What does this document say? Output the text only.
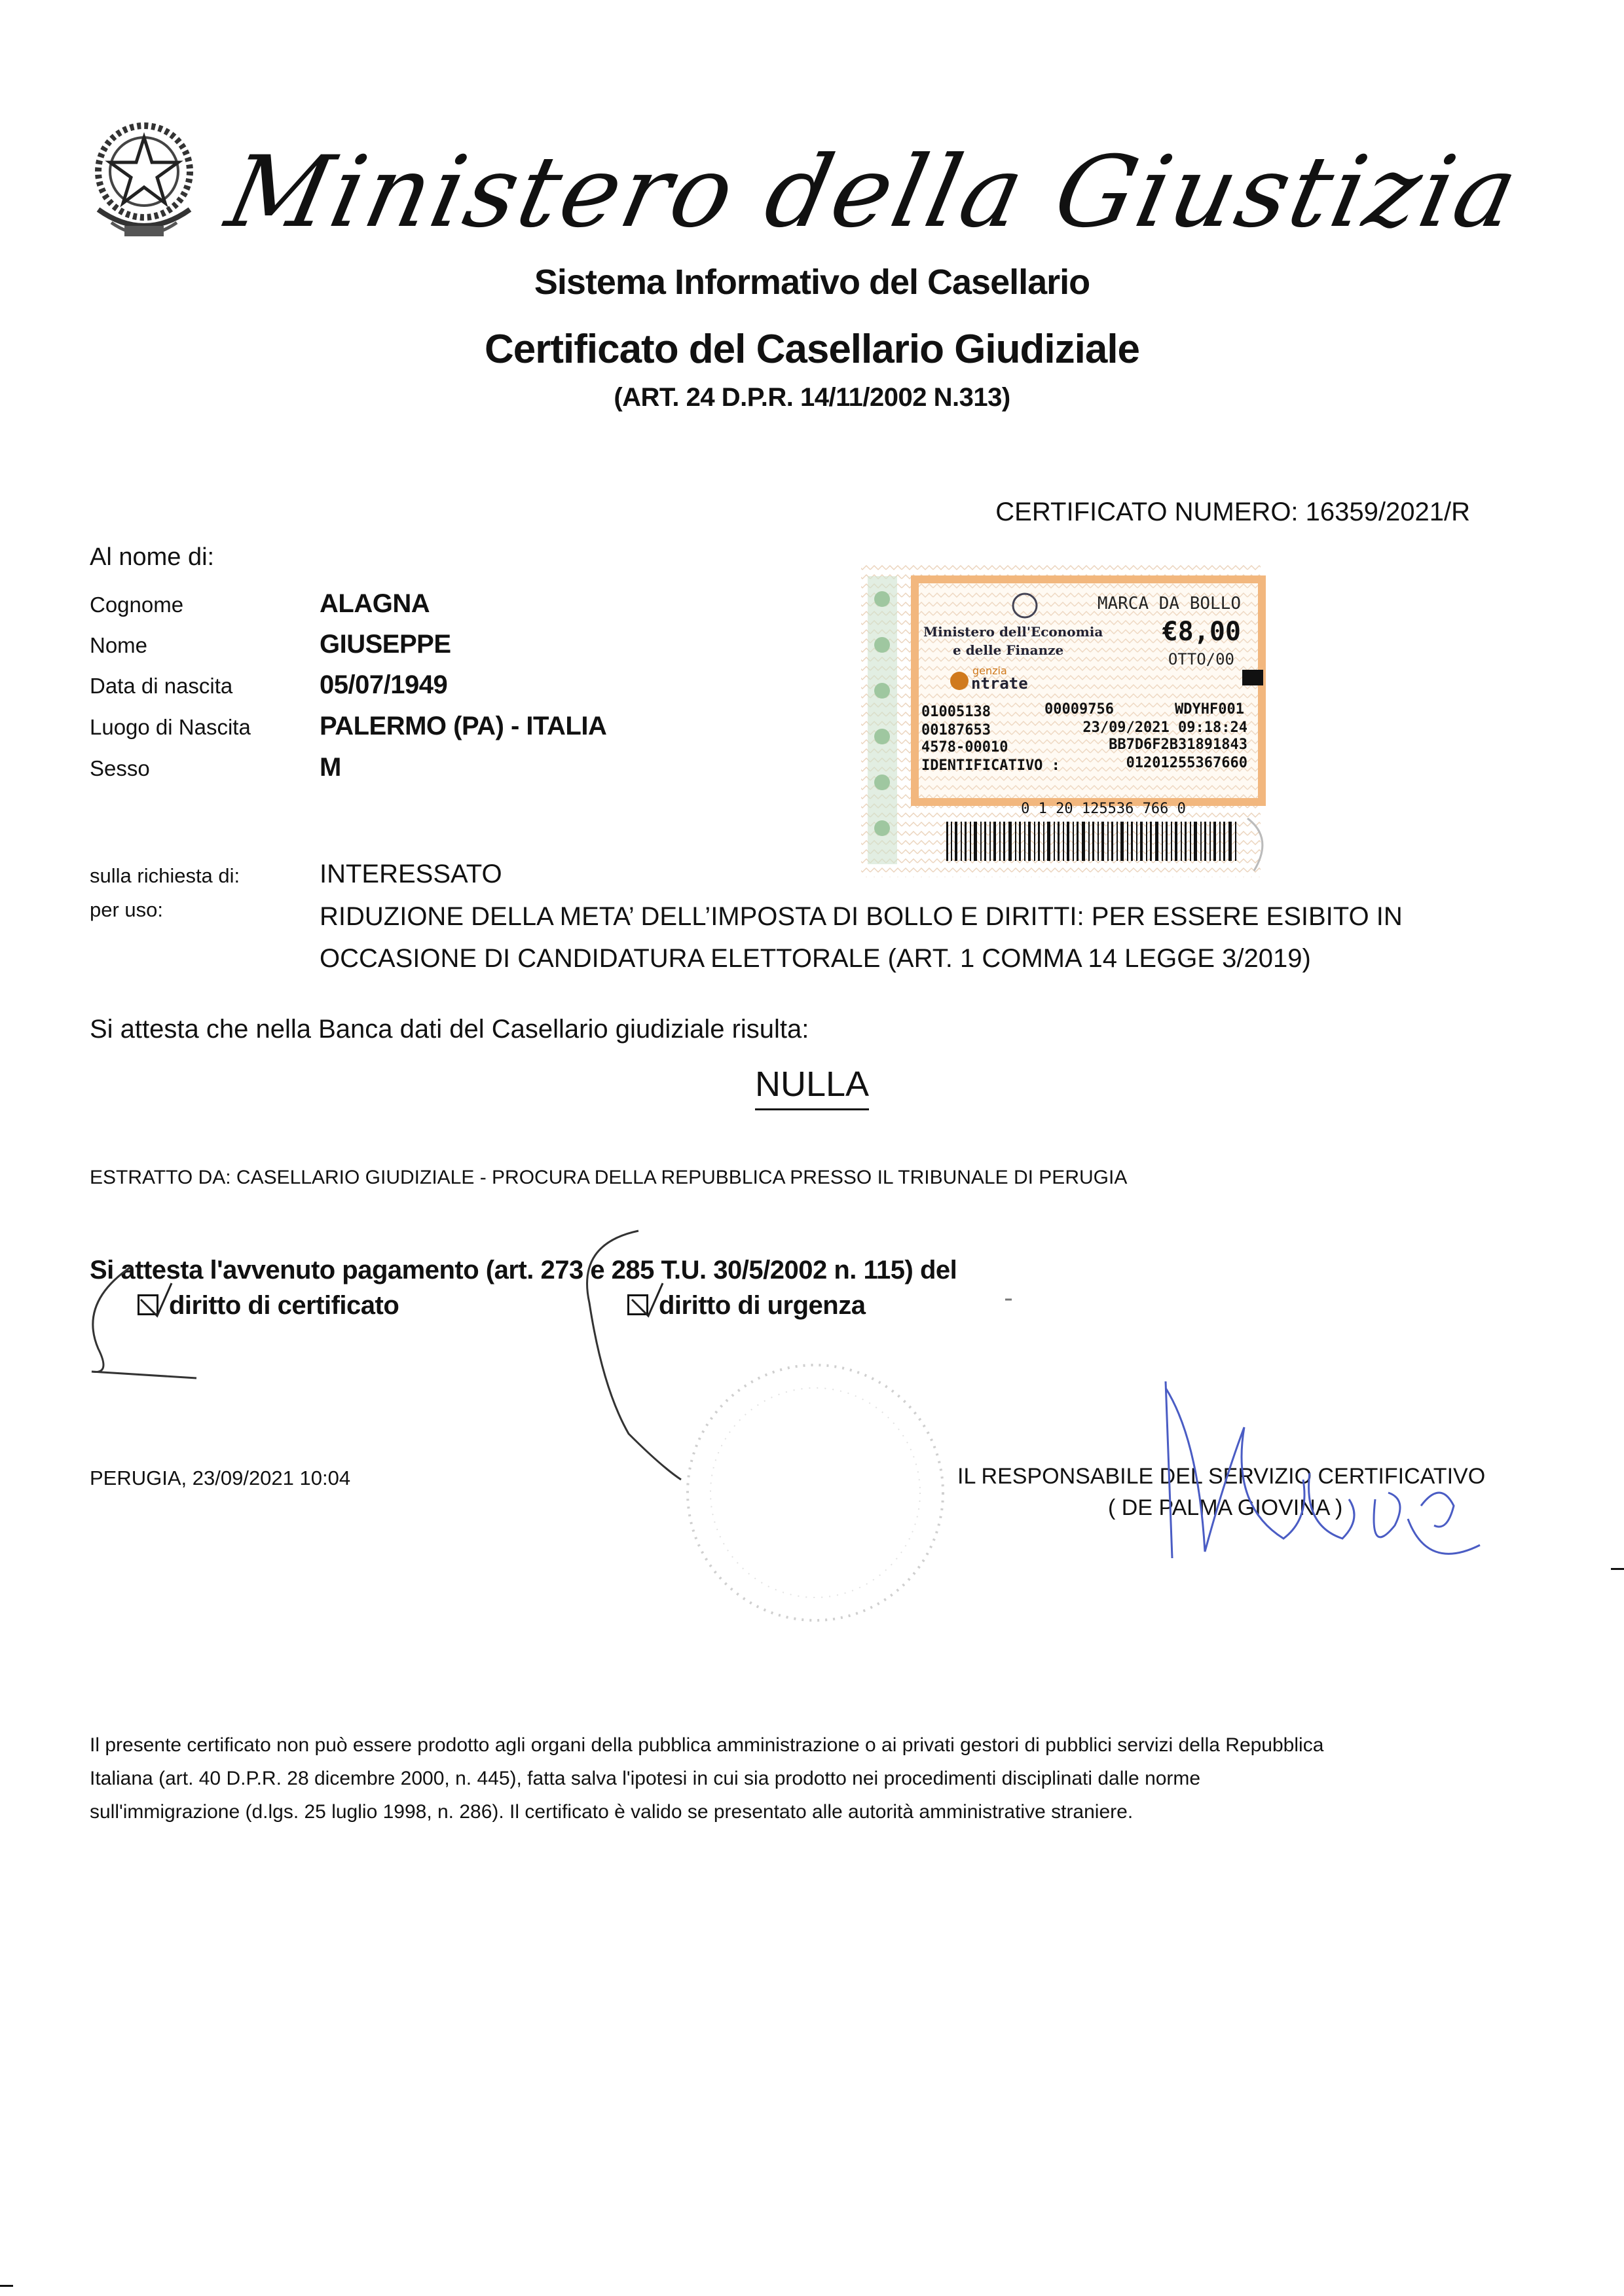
Ministero della Giustizia
Sistema Informativo del Casellario
Certificato del Casellario Giudiziale
(ART. 24 D.P.R. 14/11/2002 N.313)
CERTIFICATO NUMERO: 16359/2021/R
Al nome di:
Cognome	ALAGNA
Nome	GIUSEPPE
Data di nascita	05/07/1949
Luogo di Nascita	PALERMO (PA) - ITALIA
Sesso	M
MARCA DA BOLLO
Ministero dell'Economia
e delle Finanze
€8,00
OTTO/00
genzia
ntrate
01005138	00009756	WDYHF001
00187653	23/09/2021 09:18:24
4578-00010	BB7D6F2B31891843
IDENTIFICATIVO :	01201255367660
0 1 20 125536 766 0
sulla richiesta di:	INTERESSATO
per uso:	RIDUZIONE DELLA META’ DELL’IMPOSTA DI BOLLO E DIRITTI: PER ESSERE ESIBITO IN
OCCASIONE DI CANDIDATURA ELETTORALE (ART. 1 COMMA 14 LEGGE 3/2019)
Si attesta che nella Banca dati del Casellario giudiziale risulta:
NULLA
ESTRATTO DA: CASELLARIO GIUDIZIALE - PROCURA DELLA REPUBBLICA PRESSO IL TRIBUNALE DI PERUGIA
Si attesta l'avvenuto pagamento (art. 273 e 285 T.U. 30/5/2002 n. 115) del
diritto di certificato	diritto di urgenza
PERUGIA, 23/09/2021 10:04	IL RESPONSABILE DEL SERVIZIO CERTIFICATIVO
( DE PALMA GIOVINA )
Il presente certificato non può essere prodotto agli organi della pubblica amministrazione o ai privati gestori di pubblici servizi della Repubblica
Italiana (art. 40 D.P.R. 28 dicembre 2000, n. 445), fatta salva l'ipotesi in cui sia prodotto nei procedimenti disciplinati dalle norme
sull'immigrazione (d.lgs. 25 luglio 1998, n. 286). Il certificato è valido se presentato alle autorità amministrative straniere.
